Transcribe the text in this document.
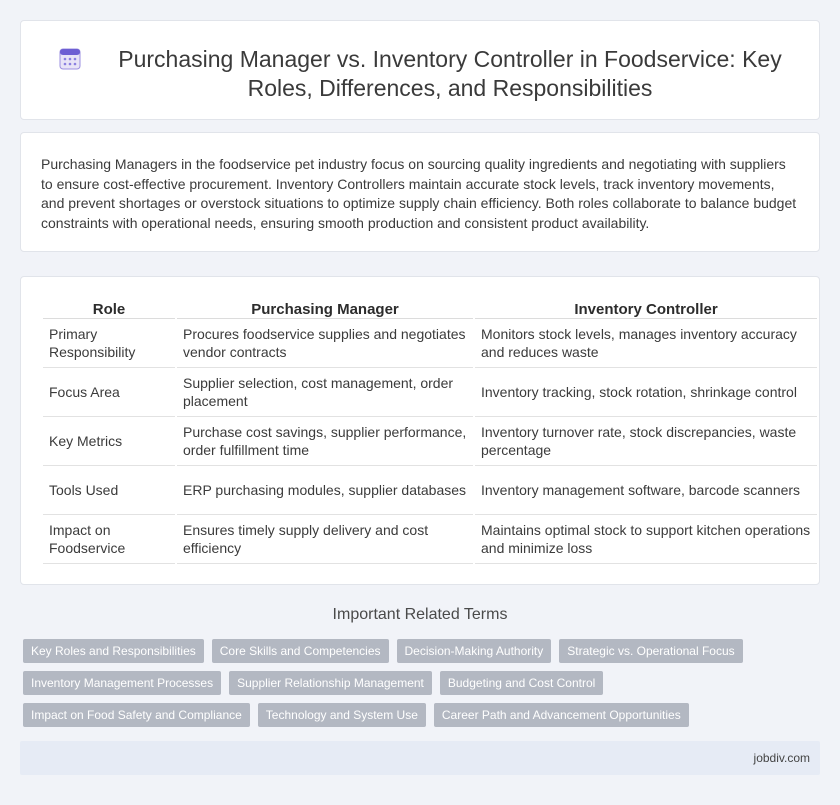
Purchasing Manager vs. Inventory Controller in Foodservice: Key Roles, Differences, and Responsibilities

Purchasing Managers in the foodservice pet industry focus on sourcing quality ingredients and negotiating with suppliers to ensure cost-effective procurement. Inventory Controllers maintain accurate stock levels, track inventory movements, and prevent shortages or overstock situations to optimize supply chain efficiency. Both roles collaborate to balance budget constraints with operational needs, ensuring smooth production and consistent product availability.

Role	Purchasing Manager	Inventory Controller
Primary Responsibility	Procures foodservice supplies and negotiates vendor contracts	Monitors stock levels, manages inventory accuracy and reduces waste
Focus Area	Supplier selection, cost management, order placement	Inventory tracking, stock rotation, shrinkage control
Key Metrics	Purchase cost savings, supplier performance, order fulfillment time	Inventory turnover rate, stock discrepancies, waste percentage
Tools Used	ERP purchasing modules, supplier databases	Inventory management software, barcode scanners
Impact on Foodservice	Ensures timely supply delivery and cost efficiency	Maintains optimal stock to support kitchen operations and minimize loss
Important Related Terms
Key Roles and Responsibilities	Core Skills and Competencies	Decision-Making Authority	Strategic vs. Operational Focus
Inventory Management Processes	Supplier Relationship Management	Budgeting and Cost Control
Impact on Food Safety and Compliance	Technology and System Use	Career Path and Advancement Opportunities
jobdiv.com
